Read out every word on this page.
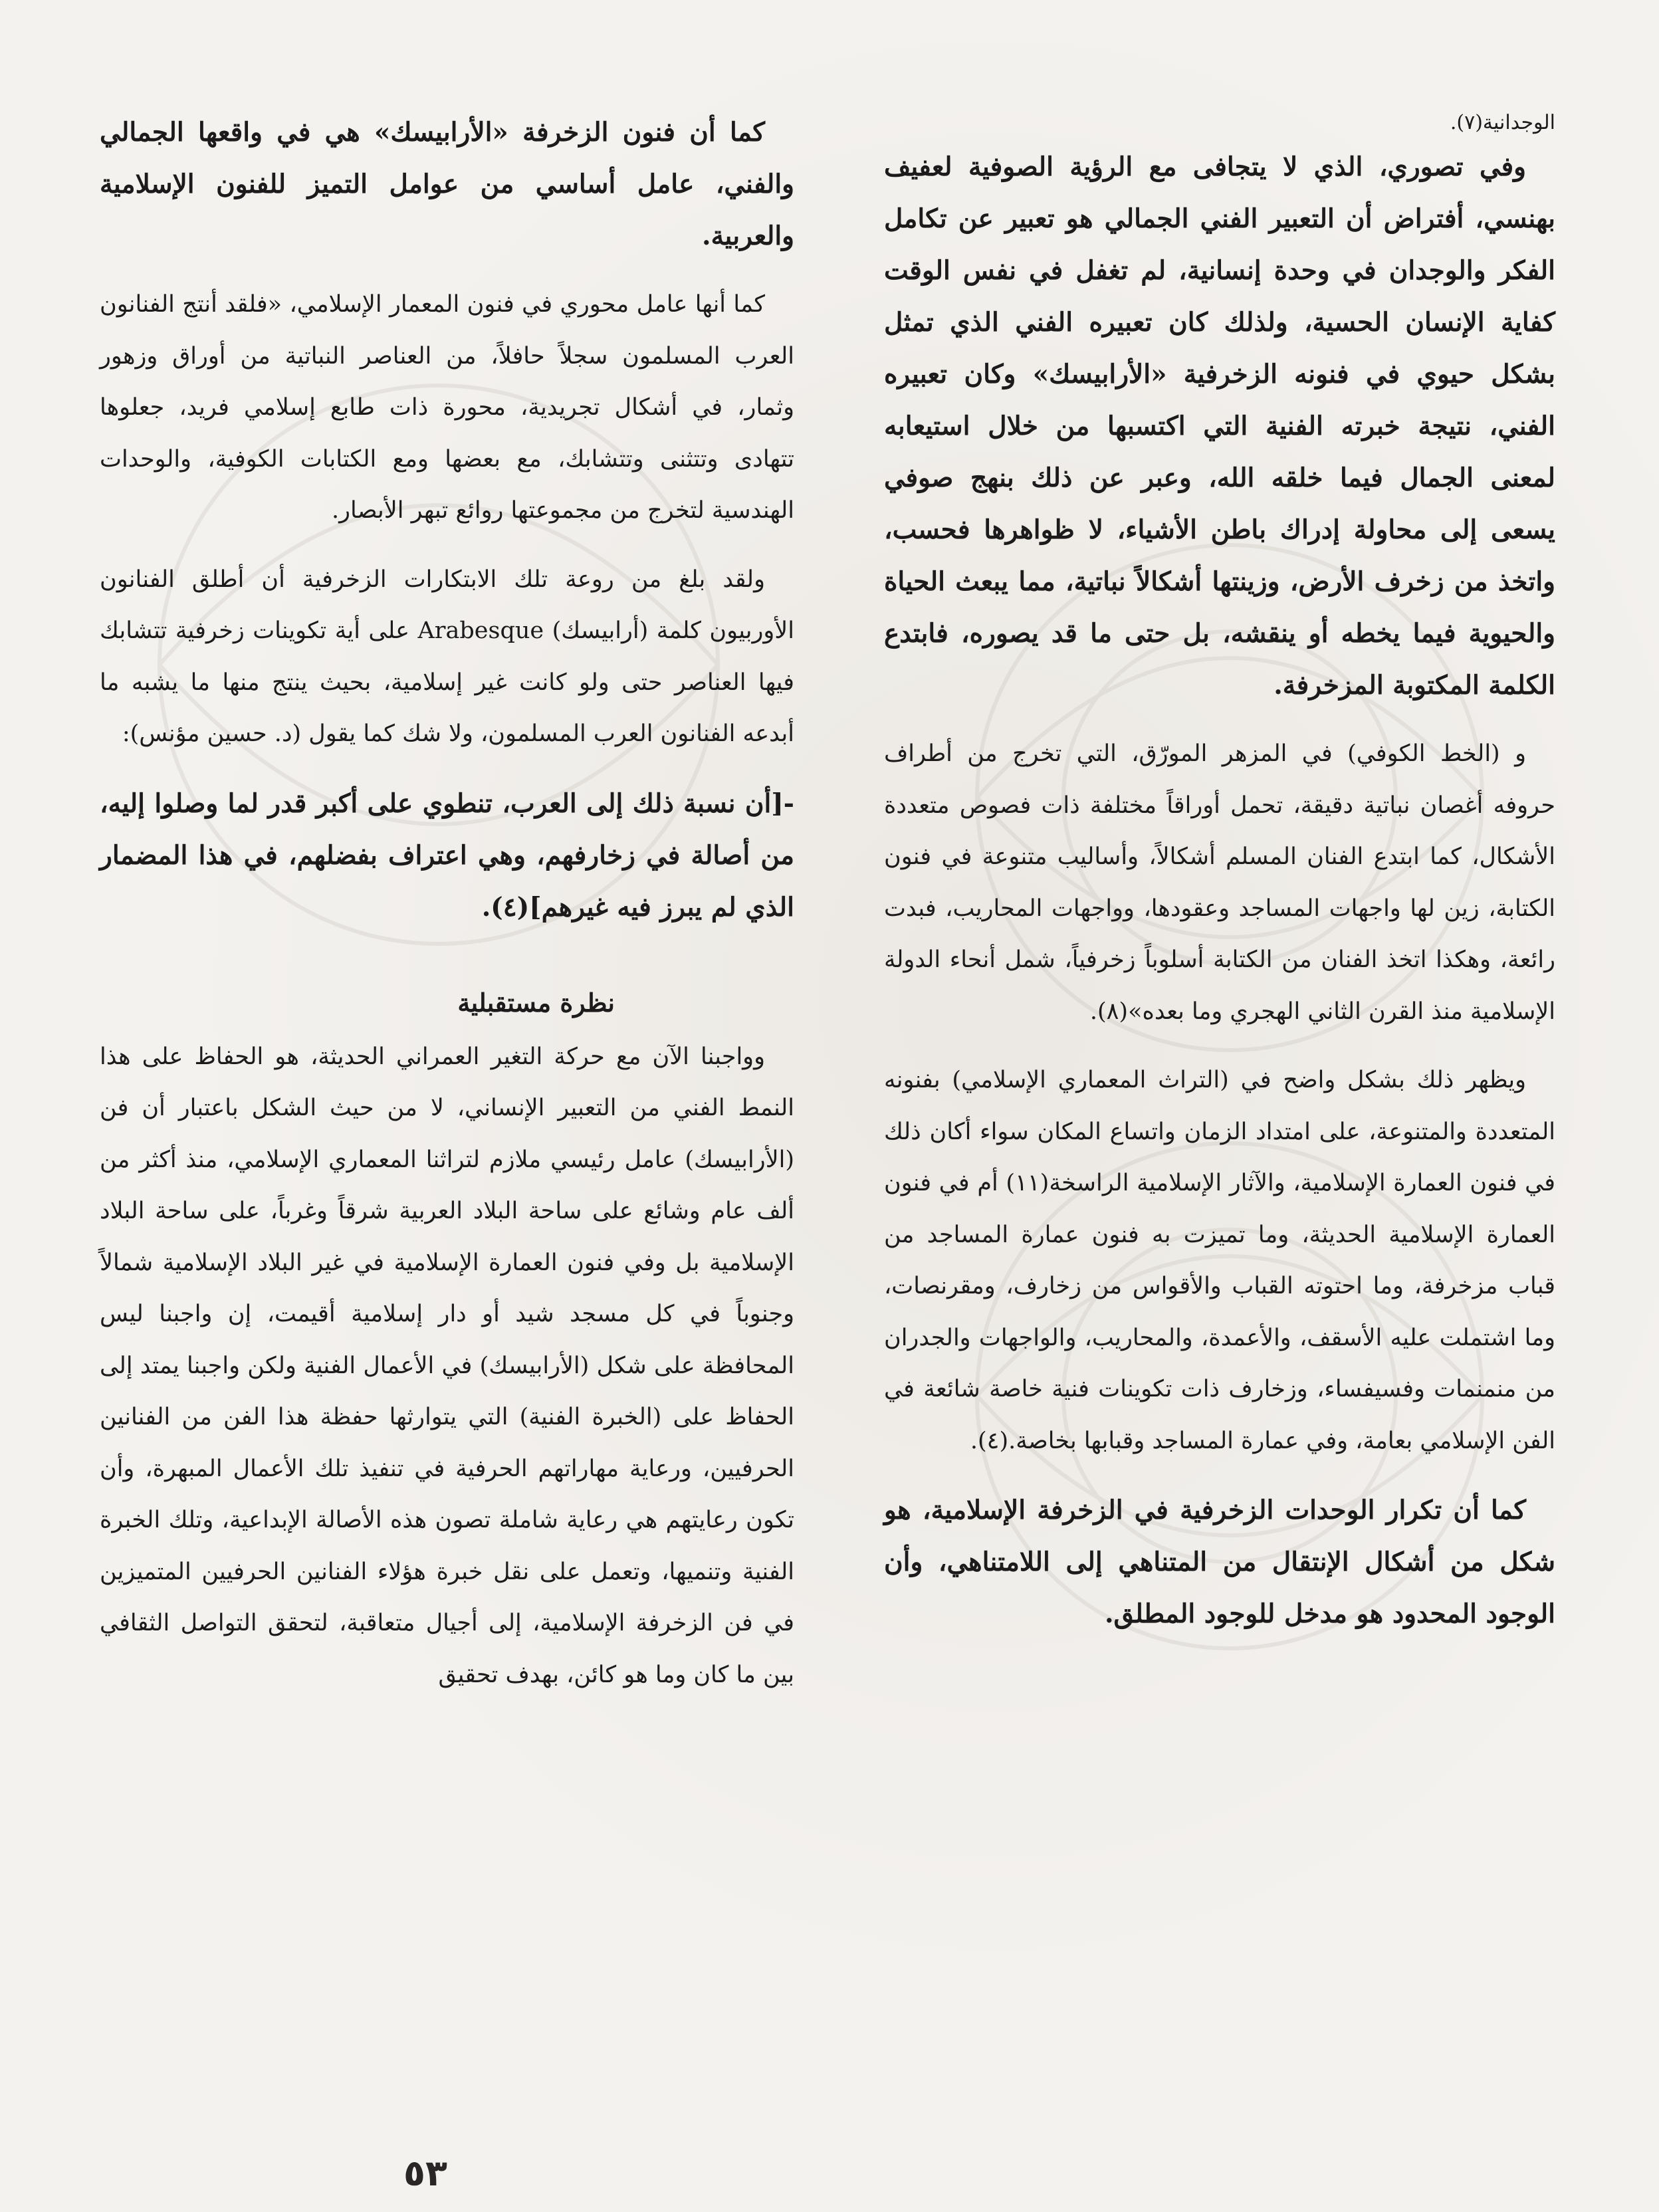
الوجدانية(٧).

وفي تصوري، الذي لا يتجافى مع الرؤية الصوفية لعفيف بهنسي، أفتراض أن التعبير الفني الجمالي هو تعبير عن تكامل الفكر والوجدان في وحدة إنسانية، لم تغفل في نفس الوقت كفاية الإنسان الحسية، ولذلك كان تعبيره الفني الذي تمثل بشكل حيوي في فنونه الزخرفية «الأرابيسك» وكان تعبيره الفني، نتيجة خبرته الفنية التي اكتسبها من خلال استيعابه لمعنى الجمال فيما خلقه الله، وعبر عن ذلك بنهج صوفي يسعى إلى محاولة إدراك باطن الأشياء، لا ظواهرها فحسب، واتخذ من زخرف الأرض، وزينتها أشكالاً نباتية، مما يبعث الحياة والحيوية فيما يخطه أو ينقشه، بل حتى ما قد يصوره، فابتدع الكلمة المكتوبة المزخرفة.

و (الخط الكوفي) في المزهر المورّق، التي تخرج من أطراف حروفه أغصان نباتية دقيقة، تحمل أوراقاً مختلفة ذات فصوص متعددة الأشكال، كما ابتدع الفنان المسلم أشكالاً، وأساليب متنوعة في فنون الكتابة، زين لها واجهات المساجد وعقودها، وواجهات المحاريب، فبدت رائعة، وهكذا اتخذ الفنان من الكتابة أسلوباً زخرفياً، شمل أنحاء الدولة الإسلامية منذ القرن الثاني الهجري وما بعده»(٨).

ويظهر ذلك بشكل واضح في (التراث المعماري الإسلامي) بفنونه المتعددة والمتنوعة، على امتداد الزمان واتساع المكان سواء أكان ذلك في فنون العمارة الإسلامية، والآثار الإسلامية الراسخة(١١) أم في فنون العمارة الإسلامية الحديثة، وما تميزت به فنون عمارة المساجد من قباب مزخرفة، وما احتوته القباب والأقواس من زخارف، ومقرنصات، وما اشتملت عليه الأسقف، والأعمدة، والمحاريب، والواجهات والجدران من منمنمات وفسيفساء، وزخارف ذات تكوينات فنية خاصة شائعة في الفن الإسلامي بعامة، وفي عمارة المساجد وقبابها بخاصة.(٤).

كما أن تكرار الوحدات الزخرفية في الزخرفة الإسلامية، هو شكل من أشكال الإنتقال من المتناهي إلى اللامتناهي، وأن الوجود المحدود هو مدخل للوجود المطلق.

كما أن فنون الزخرفة «الأرابيسك» هي في واقعها الجمالي والفني، عامل أساسي من عوامل التميز للفنون الإسلامية والعربية.

كما أنها عامل محوري في فنون المعمار الإسلامي، «فلقد أنتج الفنانون العرب المسلمون سجلاً حافلاً، من العناصر النباتية من أوراق وزهور وثمار، في أشكال تجريدية، محورة ذات طابع إسلامي فريد، جعلوها تتهادى وتتثنى وتتشابك، مع بعضها ومع الكتابات الكوفية، والوحدات الهندسية لتخرج من مجموعتها روائع تبهر الأبصار.

ولقد بلغ من روعة تلك الابتكارات الزخرفية أن أطلق الفنانون الأوربيون كلمة (أرابيسك) Arabesque على أية تكوينات زخرفية تتشابك فيها العناصر حتى ولو كانت غير إسلامية، بحيث ينتج منها ما يشبه ما أبدعه الفنانون العرب المسلمون، ولا شك كما يقول (د. حسين مؤنس):

-[أن نسبة ذلك إلى العرب، تنطوي على أكبر قدر لما وصلوا إليه، من أصالة في زخارفهم، وهي اعتراف بفضلهم، في هذا المضمار الذي لم يبرز فيه غيرهم](٤).

نظرة مستقبلية

وواجبنا الآن مع حركة التغير العمراني الحديثة، هو الحفاظ على هذا النمط الفني من التعبير الإنساني، لا من حيث الشكل باعتبار أن فن (الأرابيسك) عامل رئيسي ملازم لتراثنا المعماري الإسلامي، منذ أكثر من ألف عام وشائع على ساحة البلاد العربية شرقاً وغرباً، على ساحة البلاد الإسلامية بل وفي فنون العمارة الإسلامية في غير البلاد الإسلامية شمالاً وجنوباً في كل مسجد شيد أو دار إسلامية أقيمت، إن واجبنا ليس المحافظة على شكل (الأرابيسك) في الأعمال الفنية ولكن واجبنا يمتد إلى الحفاظ على (الخبرة الفنية) التي يتوارثها حفظة هذا الفن من الفنانين الحرفيين، ورعاية مهاراتهم الحرفية في تنفيذ تلك الأعمال المبهرة، وأن تكون رعايتهم هي رعاية شاملة تصون هذه الأصالة الإبداعية، وتلك الخبرة الفنية وتنميها، وتعمل على نقل خبرة هؤلاء الفنانين الحرفيين المتميزين في فن الزخرفة الإسلامية، إلى أجيال متعاقبة، لتحقق التواصل الثقافي بين ما كان وما هو كائن، بهدف تحقيق

٥٣
